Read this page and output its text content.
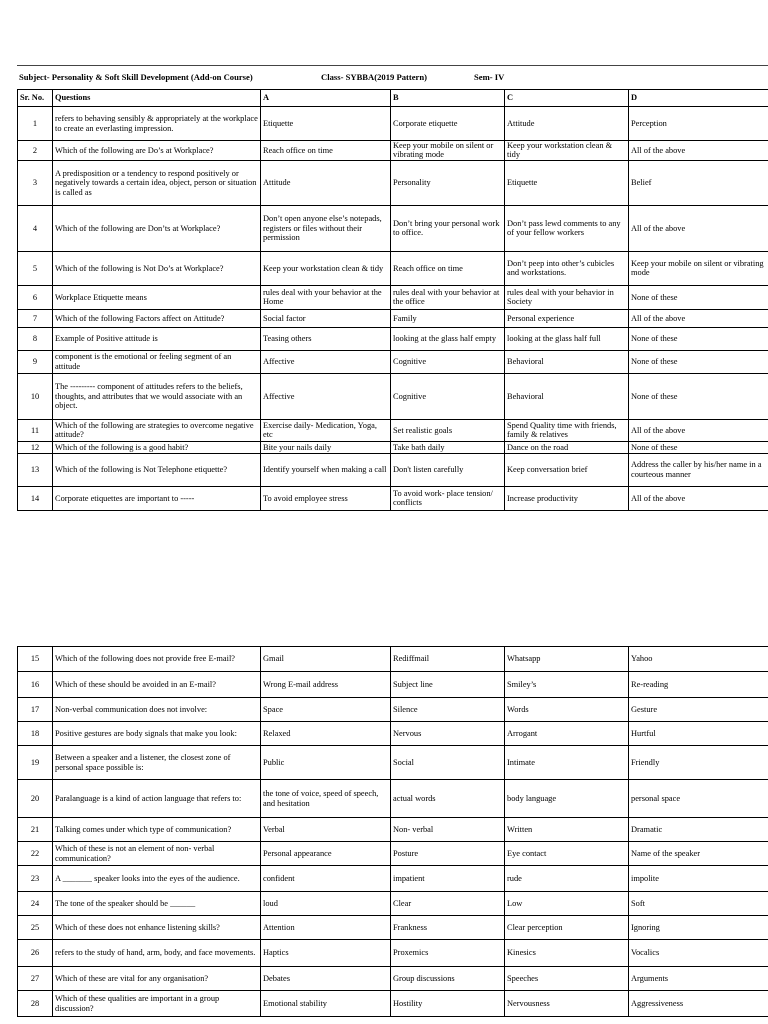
Subject- Personality & Soft Skill Development (Add-on Course)	Class- SYBBA(2019 Pattern)	Sem- IV
Sr. No.	Questions	A	B	C	D
1	refers to behaving sensibly & appropriately at the workplace to create an everlasting impression.	Etiquette	Corporate etiquette	Attitude	Perception
2	Which of the following are Do’s at Workplace?	Reach office on time	Keep your mobile on silent or vibrating mode	Keep your workstation clean & tidy	All of the above
3	A predisposition or a tendency to respond positively or negatively towards a certain idea, object, person or situation is called as	Attitude	Personality	Etiquette	Belief
4	Which of the following are Don’ts at Workplace?	Don’t open anyone else’s notepads, registers or files without their permission	Don’t bring your personal work to office.	Don’t pass lewd comments to any of your fellow workers	All of the above
5	Which of the following is Not Do’s at Workplace?	Keep your workstation clean & tidy	Reach office on time	Don’t peep into other’s cubicles and workstations.	Keep your mobile on silent or vibrating mode
6	Workplace Etiquette means	rules deal with your behavior at the Home	rules deal with your behavior at the office	rules deal with your behavior in Society	None of these
7	Which of the following Factors affect on Attitude?	Social factor	Family	Personal experience	All of the above
8	Example of Positive attitude is	Teasing others	looking at the glass half empty	looking at the glass half full	None of these
9	component is the emotional or feeling segment of an attitude	Affective	Cognitive	Behavioral	None of these
10	The --------- component of attitudes refers to the beliefs, thoughts, and attributes that we would associate with an object.	Affective	Cognitive	Behavioral	None of these
11	Which of the following are strategies to overcome negative attitude?	Exercise daily- Medication, Yoga, etc	Set realistic goals	Spend Quality time with friends, family & relatives	All of the above
12	Which of the following is a good habit?	Bite your nails daily	Take bath daily	Dance on the road	None of these
13	Which of the following is Not Telephone etiquette?	Identify yourself when making a call	Don't listen carefully	Keep conversation brief	Address the caller by his/her name in a courteous manner
14	Corporate etiquettes are important to -----	To avoid employee stress	To avoid work- place tension/ conflicts	Increase productivity	All of the above
15	Which of the following does not provide free E-mail?	Gmail	Rediffmail	Whatsapp	Yahoo
16	Which of these should be avoided in an E-mail?	Wrong E-mail address	Subject line	Smiley’s	Re-reading
17	Non-verbal communication does not involve:	Space	Silence	Words	Gesture
18	Positive gestures are body signals that make you look:	Relaxed	Nervous	Arrogant	Hurtful
19	Between a speaker and a listener, the closest zone of personal space possible is:	Public	Social	Intimate	Friendly
20	Paralanguage is a kind of action language that refers to:	the tone of voice, speed of speech, and hesitation	actual words	body language	personal space
21	Talking comes under which type of communication?	Verbal	Non- verbal	Written	Dramatic
22	Which of these is not an element of non- verbal communication?	Personal appearance	Posture	Eye contact	Name of the speaker
23	A _______ speaker looks into the eyes of the audience.	confident	impatient	rude	impolite
24	The tone of the speaker should be ______	loud	Clear	Low	Soft
25	Which of these does not enhance listening skills?	Attention	Frankness	Clear perception	Ignoring
26	refers to the study of hand, arm, body, and face movements.	Haptics	Proxemics	Kinesics	Vocalics
27	Which of these are vital for any organisation?	Debates	Group discussions	Speeches	Arguments
28	Which of these qualities are important in a group discussion?	Emotional stability	Hostility	Nervousness	Aggressiveness
